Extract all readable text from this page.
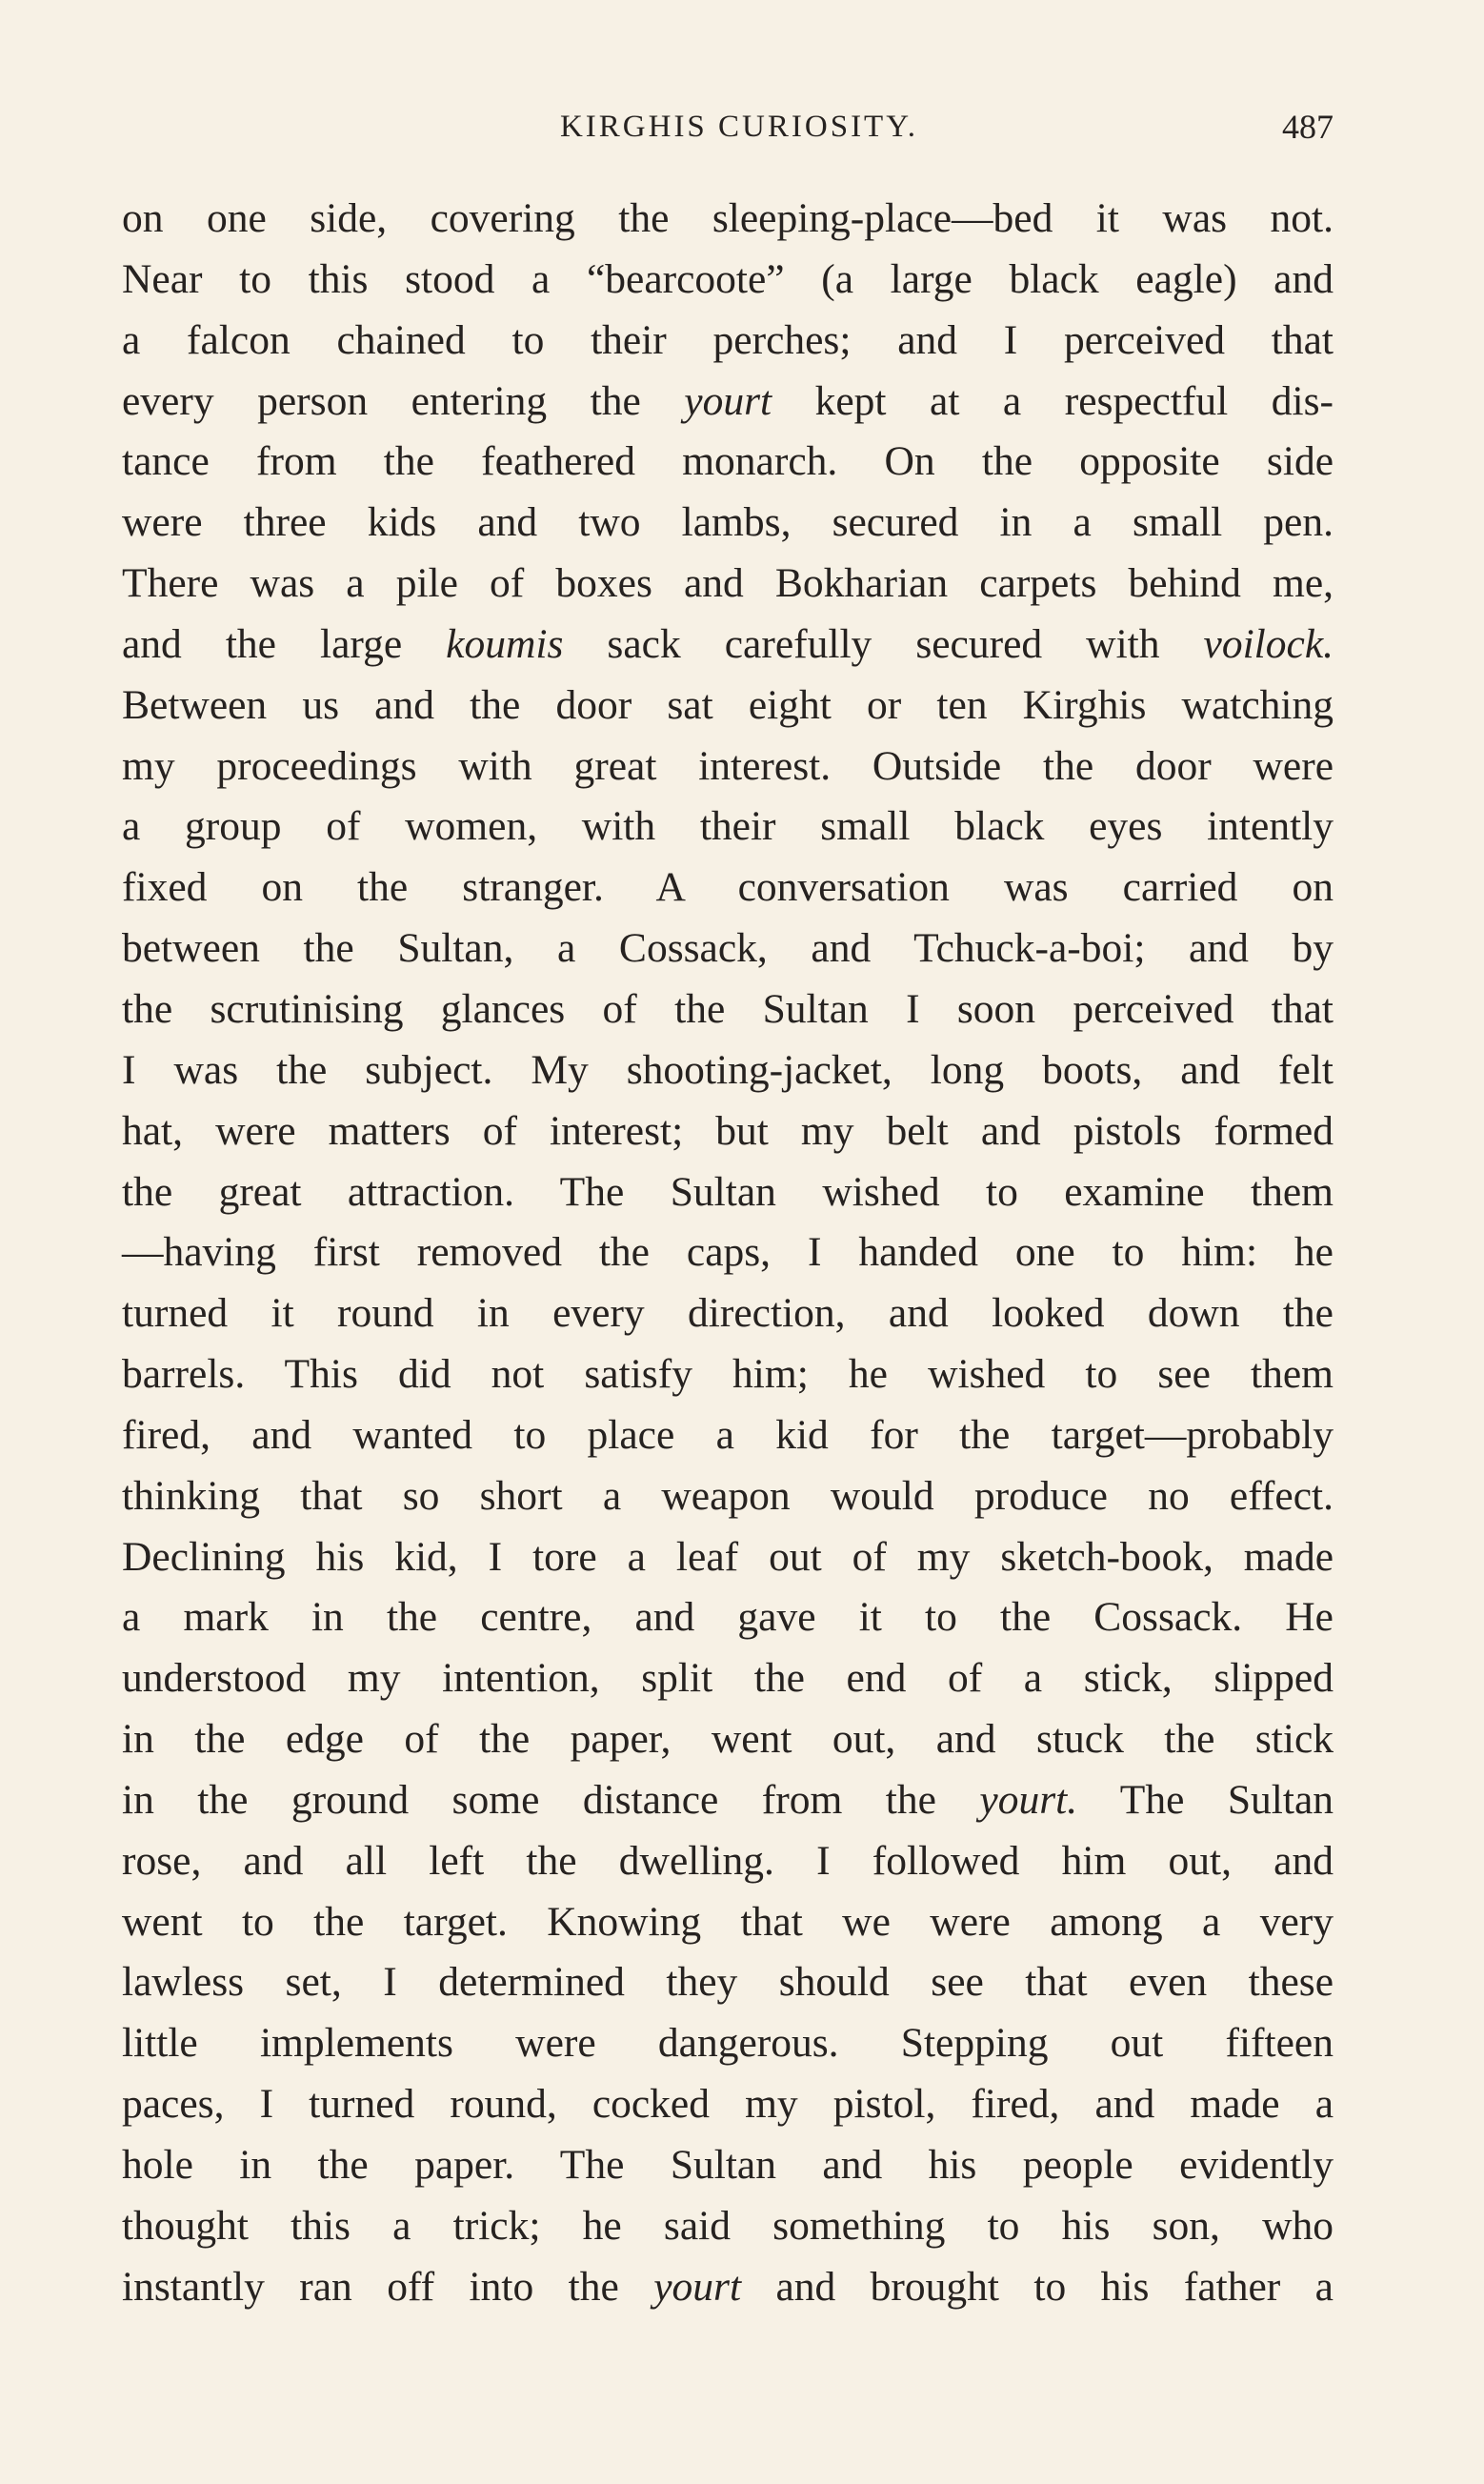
KIRGHIS CURIOSITY.	487
on one side, covering the sleeping-place—bed it was not.
Near to this stood a “bearcoote” (a large black eagle) and
a falcon chained to their perches; and I perceived that
every person entering the yourt kept at a respectful dis-
tance from the feathered monarch. On the opposite side
were three kids and two lambs, secured in a small pen.
There was a pile of boxes and Bokharian carpets behind me,
and the large koumis sack carefully secured with voilock.
Between us and the door sat eight or ten Kirghis watching
my proceedings with great interest. Outside the door were
a group of women, with their small black eyes intently
fixed on the stranger. A conversation was carried on
between the Sultan, a Cossack, and Tchuck-a-boi; and by
the scrutinising glances of the Sultan I soon perceived that
I was the subject. My shooting-jacket, long boots, and felt
hat, were matters of interest; but my belt and pistols formed
the great attraction. The Sultan wished to examine them
—having first removed the caps, I handed one to him: he
turned it round in every direction, and looked down the
barrels. This did not satisfy him; he wished to see them
fired, and wanted to place a kid for the target—probably
thinking that so short a weapon would produce no effect.
Declining his kid, I tore a leaf out of my sketch-book, made
a mark in the centre, and gave it to the Cossack. He
understood my intention, split the end of a stick, slipped
in the edge of the paper, went out, and stuck the stick
in the ground some distance from the yourt. The Sultan
rose, and all left the dwelling. I followed him out, and
went to the target. Knowing that we were among a very
lawless set, I determined they should see that even these
little implements were dangerous. Stepping out fifteen
paces, I turned round, cocked my pistol, fired, and made a
hole in the paper. The Sultan and his people evidently
thought this a trick; he said something to his son, who
instantly ran off into the yourt and brought to his father a
